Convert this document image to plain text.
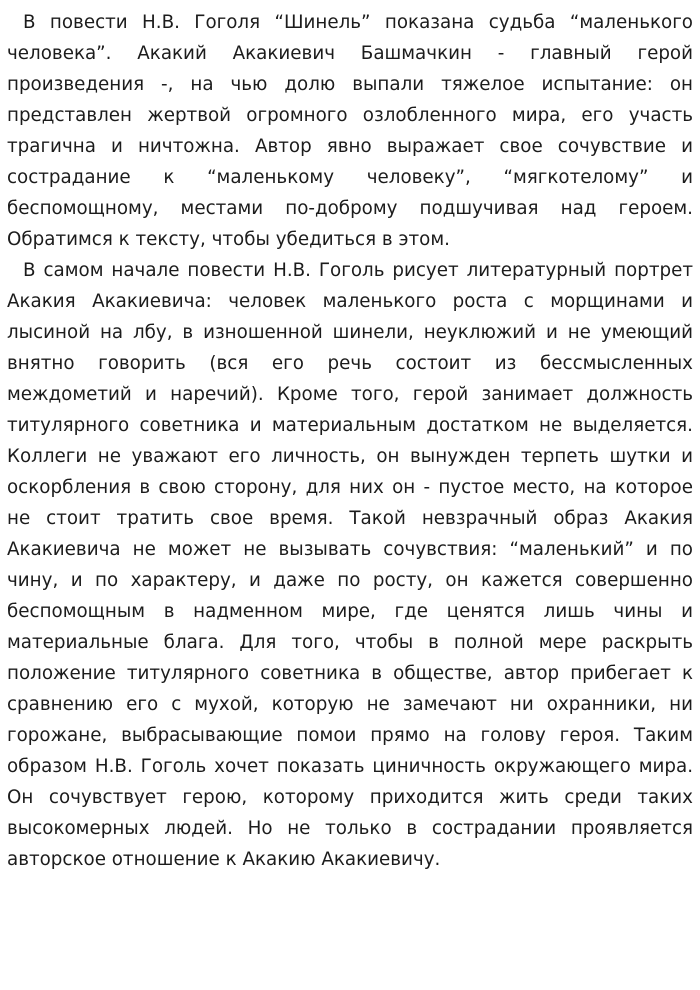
В повести Н.В. Гоголя “Шинель” показана судьба “маленького человека”. Акакий Акакиевич Башмачкин - главный герой произведения -, на чью долю выпали тяжелое испытание: он представлен жертвой огромного озлобленного мира, его участь трагична и ничтожна. Автор явно выражает свое сочувствие и сострадание к “маленькому человеку”, “мягкотелому” и беспомощному, местами по-доброму подшучивая над героем. Обратимся к тексту, чтобы убедиться в этом.

В самом начале повести Н.В. Гоголь рисует литературный портрет Акакия Акакиевича: человек маленького роста с морщинами и лысиной на лбу, в изношенной шинели, неуклюжий и не умеющий внятно говорить (вся его речь состоит из бессмысленных междометий и наречий). Кроме того, герой занимает должность титулярного советника и материальным достатком не выделяется. Коллеги не уважают его личность, он вынужден терпеть шутки и оскорбления в свою сторону, для них он - пустое место, на которое не стоит тратить свое время. Такой невзрачный образ Акакия Акакиевича не может не вызывать сочувствия: “маленький” и по чину, и по характеру, и даже по росту, он кажется совершенно беспомощным в надменном мире, где ценятся лишь чины и материальные блага. Для того, чтобы в полной мере раскрыть положение титулярного советника в обществе, автор прибегает к сравнению его с мухой, которую не замечают ни охранники, ни горожане, выбрасывающие помои прямо на голову героя. Таким образом Н.В. Гоголь хочет показать циничность окружающего мира. Он сочувствует герою, которому приходится жить среди таких высокомерных людей. Но не только в сострадании проявляется авторское отношение к Акакию Акакиевичу.
